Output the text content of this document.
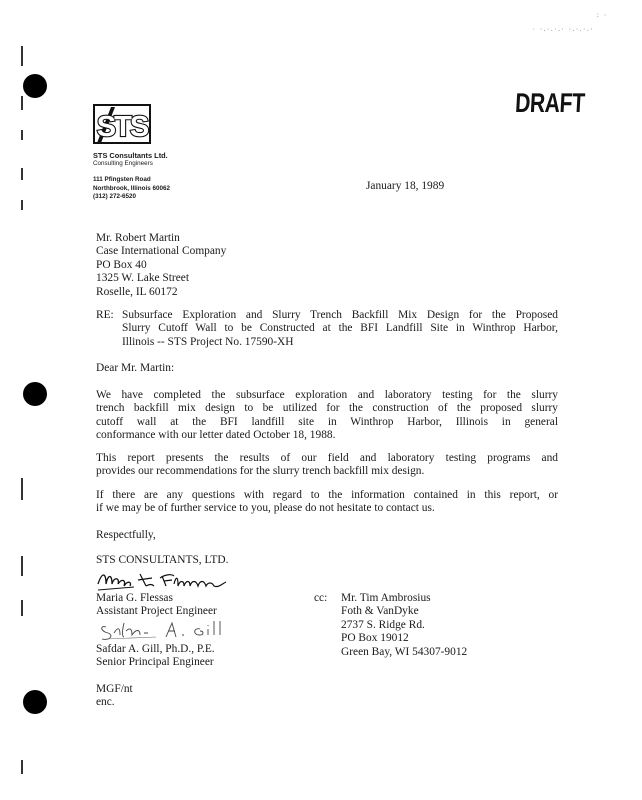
: ·
· ·.·.·.· ·.·.·.·
DRAFT
STS
STS Consultants Ltd.
Consulting Engineers
111 Pfingsten Road
Northbrook, Illinois 60062
(312) 272-6520
January 18, 1989
Mr. Robert Martin
Case International Company
PO Box 40
1325 W. Lake Street
Roselle, IL 60172
RE: Subsurface Exploration and Slurry Trench Backfill Mix Design for the Proposed
Slurry Cutoff Wall to be Constructed at the BFI Landfill Site in Winthrop Harbor,
Illinois -- STS Project No. 17590-XH
Dear Mr. Martin:
We have completed the subsurface exploration and laboratory testing for the slurry
trench backfill mix design to be utilized for the construction of the proposed slurry
cutoff wall at the BFI landfill site in Winthrop Harbor, Illinois in general
conformance with our letter dated October 18, 1988.
This report presents the results of our field and laboratory testing programs and
provides our recommendations for the slurry trench backfill mix design.
If there are any questions with regard to the information contained in this report, or
if we may be of further service to you, please do not hesitate to contact us.
Respectfully,
STS CONSULTANTS, LTD.
Maria G. Flessas
Assistant Project Engineer
Safdar A. Gill, Ph.D., P.E.
Senior Principal Engineer
cc: Mr. Tim Ambrosius
Foth & VanDyke
2737 S. Ridge Rd.
PO Box 19012
Green Bay, WI 54307-9012
MGF/nt
enc.
